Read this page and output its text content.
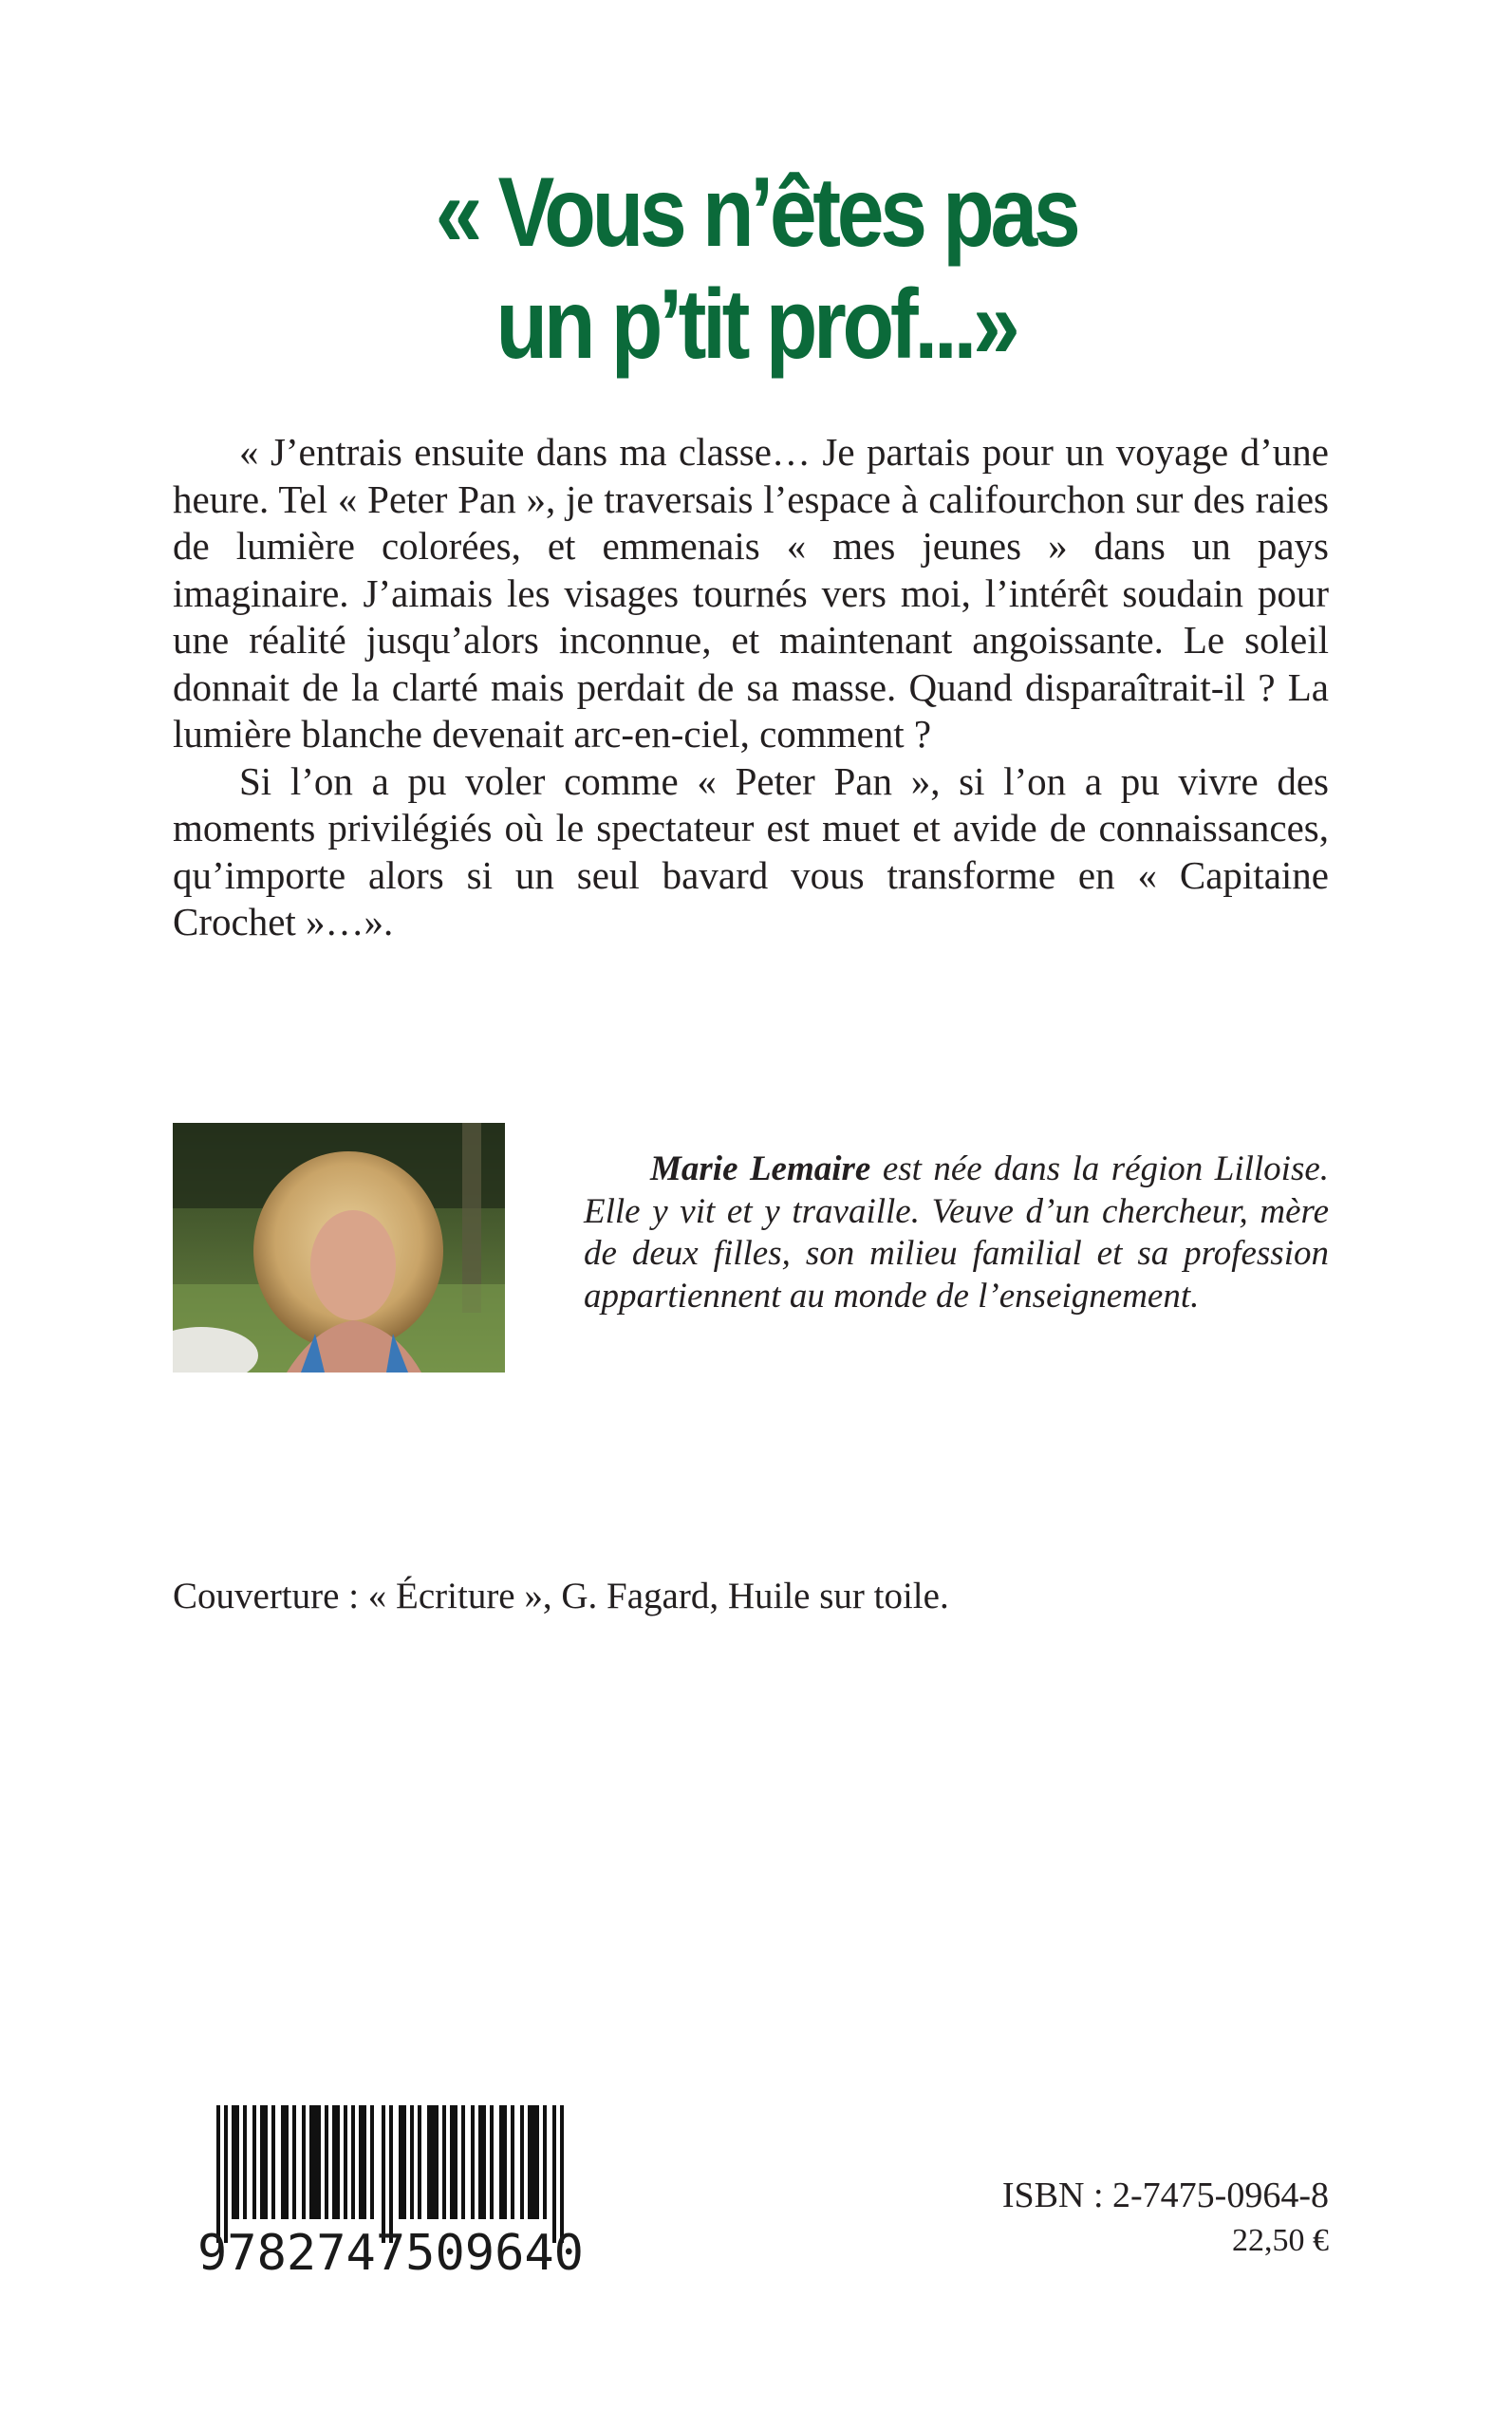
« Vous n’êtes pas
un p’tit prof...»

« J’entrais ensuite dans ma classe… Je partais pour un voyage d’une heure. Tel « Peter Pan », je traversais l’espace à califourchon sur des raies de lumière colorées, et emmenais « mes jeunes » dans un pays imaginaire. J’aimais les visages tournés vers moi, l’intérêt soudain pour une réalité jusqu’alors inconnue, et maintenant angoissante. Le soleil donnait de la clarté mais perdait de sa masse. Quand disparaîtrait-il ? La lumière blanche devenait arc-en-ciel, comment ?

Si l’on a pu voler comme « Peter Pan », si l’on a pu vivre des moments privilégiés où le spectateur est muet et avide de connaissances, qu’importe alors si un seul bavard vous transforme en « Capitaine Crochet »…».

Marie Lemaire est née dans la région Lilloise. Elle y vit et y travaille. Veuve d’un chercheur, mère de deux filles, son milieu familial et sa profession appartiennent au monde de l’enseignement.

Couverture : « Écriture », G. Fagard, Huile sur toile.
9782747509640
ISBN : 2-7475-0964-8
22,50 €
